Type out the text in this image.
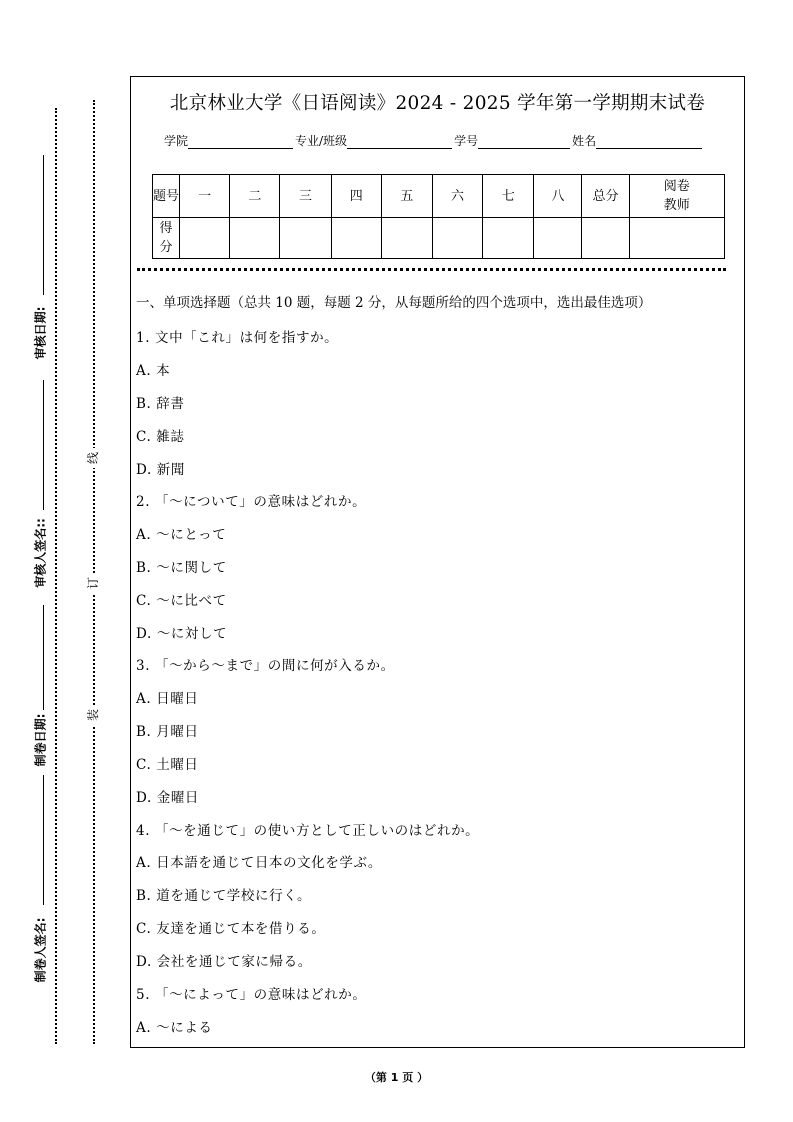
审核日期:
审核人签名::
制卷日期:
制卷人签名:
线
订
装
北京林业大学《日语阅读》2024 - 2025 学年第一学期期末试卷
学院	专业/班级	学号	姓名
题号	一	二	三	四	五	六	七	八	总分	阅卷
教师
得分										
一、单项选择题（总共 10 题，每题 2 分，从每题所给的四个选项中，选出最佳选项）
1. 文中「これ」は何を指すか。
A. 本
B. 辞書
C. 雑誌
D. 新聞
2. 「～について」の意味はどれか。
A. ～にとって
B. ～に関して
C. ～に比べて
D. ～に対して
3. 「～から～まで」の間に何が入るか。
A. 日曜日
B. 月曜日
C. 土曜日
D. 金曜日
4. 「～を通じて」の使い方として正しいのはどれか。
A. 日本語を通じて日本の文化を学ぶ。
B. 道を通じて学校に行く。
C. 友達を通じて本を借りる。
D. 会社を通じて家に帰る。
5. 「～によって」の意味はどれか。
A. ～による
（第 1 页 ）
